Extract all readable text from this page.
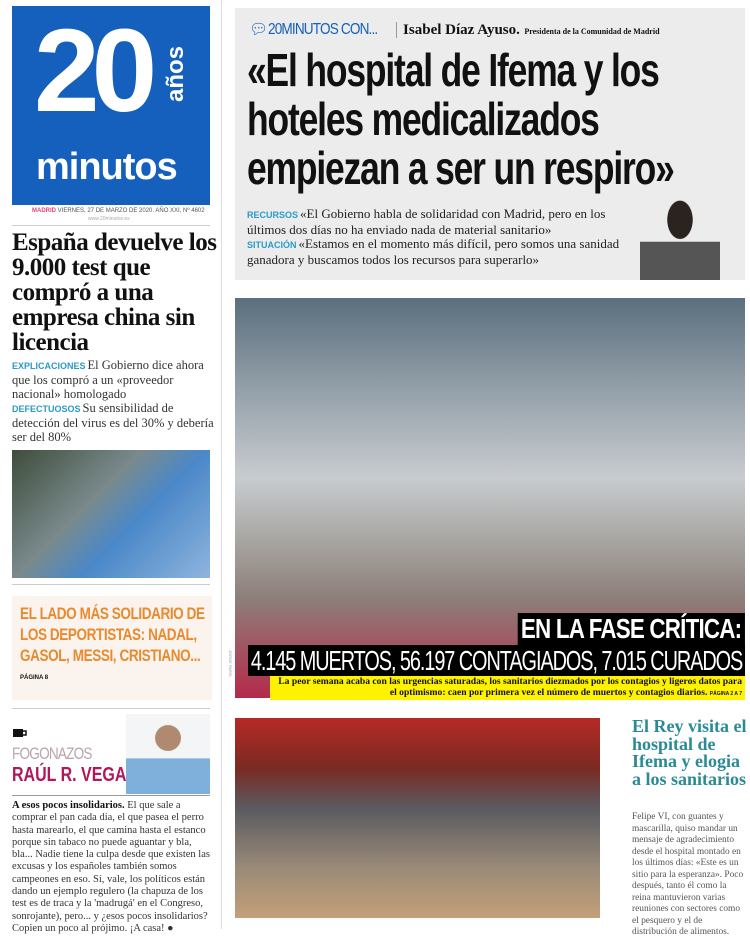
20 años
minutos
MADRID VIERNES, 27 DE MARZO DE 2020. AÑO XXI, Nº 4602
www.20minutos.es
España devuelve los 9.000 test que compró a una empresa china sin licencia
EXPLICACIONES El Gobierno dice ahora que los compró a un «proveedor nacional» homologado
DEFECTUOSOS Su sensibilidad de detección del virus es del 30% y debería ser del 80%
EL LADO MÁS SOLIDARIO DE LOS DEPORTISTAS: NADAL, GASOL, MESSI, CRISTIANO...
PÁGINA 8
FOGONAZOS
RAÚL R. VEGA
A esos pocos insolidarios. El que sale a comprar el pan cada día, el que pasea el perro hasta marearlo, el que camina hasta el estanco porque sin tabaco no puede aguantar y bla, bla... Nadie tiene la culpa desde que existen las excusas y los españoles también somos campeones en eso. Sí, vale, los políticos están dando un ejemplo regulero (la chapuza de los test es de traca y la 'madrugá' en el Congreso, sonrojante), pero... y ¿esos pocos insolidarios? Copien un poco al prójimo. ¡A casa! ●
💬︎20MINUTOS CON... Isabel Díaz Ayuso. Presidenta de la Comunidad de Madrid
«El hospital de Ifema y los hoteles medicalizados empiezan a ser un respiro»
RECURSOS «El Gobierno habla de solidaridad con Madrid, pero en los últimos dos días no ha enviado nada de material sanitario»
SITUACIÓN «Estamos en el momento más difícil, pero somos una sanidad ganadora y buscamos todos los recursos para superarlo»
JORGE PARÍS
EN LA FASE CRÍTICA:
4.145 MUERTOS, 56.197 CONTAGIADOS, 7.015 CURADOS
La peor semana acaba con las urgencias saturadas, los sanitarios diezmados por los contagios y ligeros datos para el optimismo: caen por primera vez el número de muertos y contagios diarios. PÁGINA 2 A 7
El Rey visita el hospital de Ifema y elogia a los sanitarios
Felipe VI, con guantes y mascarilla, quiso mandar un mensaje de agradecimiento desde el hospital montado en los últimos días: «Este es un sitio para la esperanza». Poco después, tanto él como la reina mantuvieron varias reuniones con sectores como el pesquero y el de distribución de alimentos.
